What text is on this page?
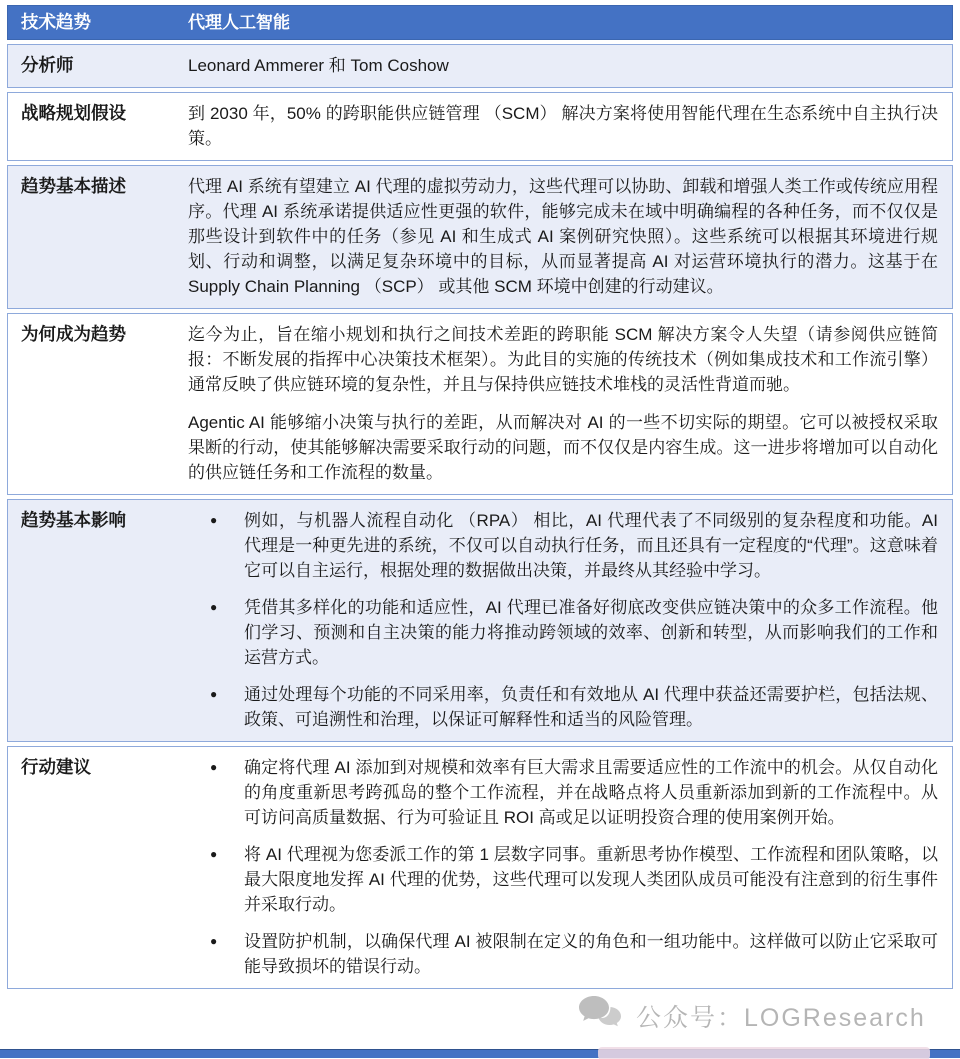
技术趋势	代理人工智能
分析师	Leonard Ammerer 和 Tom Coshow

战略规划假设	到 2030 年，50% 的跨职能供应链管理 （SCM） 解决方案将使用智能代理在生态系统中自主执行决策。

趋势基本描述	代理 AI 系统有望建立 AI 代理的虚拟劳动力，这些代理可以协助、卸载和增强人类工作或传统应用程序。代理 AI 系统承诺提供适应性更强的软件，能够完成未在域中明确编程的各种任务，而不仅仅是那些设计到软件中的任务（参见 AI 和生成式 AI 案例研究快照）。这些系统可以根据其环境进行规划、行动和调整，以满足复杂环境中的目标，从而显著提高 AI 对运营环境执行的潜力。这基于在 Supply Chain Planning （SCP） 或其他 SCM 环境中创建的行动建议。

为何成为趋势	迄今为止，旨在缩小规划和执行之间技术差距的跨职能 SCM 解决方案令人失望（请参阅供应链简报：不断发展的指挥中心决策技术框架）。为此目的实施的传统技术（例如集成技术和工作流引擎）通常反映了供应链环境的复杂性，并且与保持供应链技术堆栈的灵活性背道而驰。

Agentic AI 能够缩小决策与执行的差距，从而解决对 AI 的一些不切实际的期望。它可以被授权采取果断的行动，使其能够解决需要采取行动的问题，而不仅仅是内容生成。这一进步将增加可以自动化的供应链任务和工作流程的数量。

趋势基本影响	●	例如，与机器人流程自动化 （RPA） 相比，AI 代理代表了不同级别的复杂程度和功能。AI 代理是一种更先进的系统，不仅可以自动执行任务，而且还具有一定程度的“代理”。这意味着它可以自主运行，根据处理的数据做出决策，并最终从其经验中学习。
●	凭借其多样化的功能和适应性，AI 代理已准备好彻底改变供应链决策中的众多工作流程。他们学习、预测和自主决策的能力将推动跨领域的效率、创新和转型，从而影响我们的工作和运营方式。
●	通过处理每个功能的不同采用率，负责任和有效地从 AI 代理中获益还需要护栏，包括法规、政策、可追溯性和治理，以保证可解释性和适当的风险管理。
行动建议	●	确定将代理 AI 添加到对规模和效率有巨大需求且需要适应性的工作流中的机会。从仅自动化的角度重新思考跨孤岛的整个工作流程，并在战略点将人员重新添加到新的工作流程中。从可访问高质量数据、行为可验证且 ROI 高或足以证明投资合理的使用案例开始。
●	将 AI 代理视为您委派工作的第 1 层数字同事。重新思考协作模型、工作流程和团队策略，以最大限度地发挥 AI 代理的优势，这些代理可以发现人类团队成员可能没有注意到的衍生事件并采取行动。
●	设置防护机制，以确保代理 AI 被限制在定义的角色和一组功能中。这样做可以防止它采取可能导致损坏的错误行动。
公众号：LOGResearch
